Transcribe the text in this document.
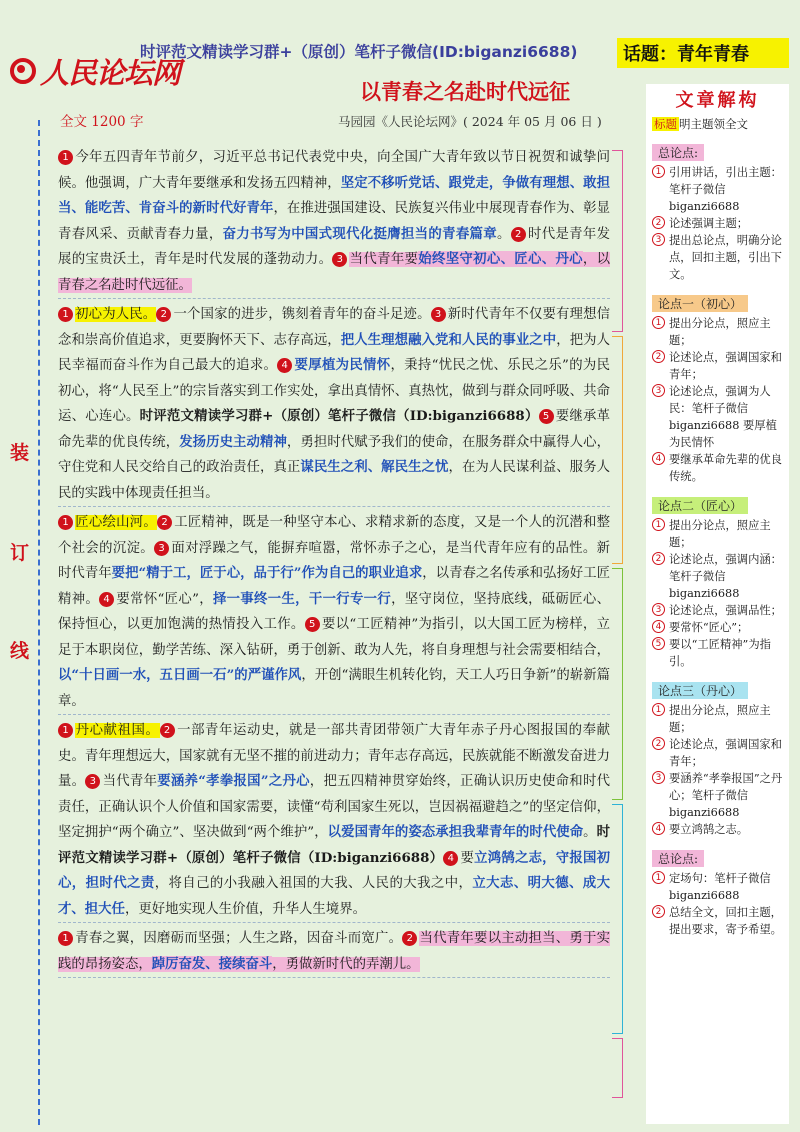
人民论坛网
时评范文精读学习群+（原创）笔杆子微信(ID:biganzi6688)	话题：青年青春
以青春之名赴时代远征
全文 1200 字	马园园《人民论坛网》( 2024 年 05 月 06 日 )
装
订
线

1 今年五四青年节前夕，习近平总书记代表党中央，向全国广大青年致以节日祝贺和诚挚问候。他强调，广大青年要继承和发扬五四精神，坚定不移听党话、跟党走，争做有理想、敢担当、能吃苦、肯奋斗的新时代好青年，在推进强国建设、民族复兴伟业中展现青春作为、彰显青春风采、贡献青春力量，奋力书写为中国式现代化挺膺担当的青春篇章。 2 时代是青年发展的宝贵沃土，青年是时代发展的蓬勃动力。 3 当代青年要始终坚守初心、匠心、丹心，以青春之名赴时代远征。

1 初心为人民。 2 一个国家的进步，镌刻着青年的奋斗足迹。 3 新时代青年不仅要有理想信念和崇高价值追求，更要胸怀天下、志存高远，把人生理想融入党和人民的事业之中，把为人民幸福而奋斗作为自己最大的追求。 4 要厚植为民情怀，秉持“忧民之忧、乐民之乐”的为民初心，将“人民至上”的宗旨落实到工作实处，拿出真情怀、真热忱，做到与群众同呼吸、共命运、心连心。时评范文精读学习群+（原创）笔杆子微信（ID:biganzi6688） 5 要继承革命先辈的优良传统，发扬历史主动精神，勇担时代赋予我们的使命，在服务群众中赢得人心，守住党和人民交给自己的政治责任，真正谋民生之利、解民生之忧，在为人民谋利益、服务人民的实践中体现责任担当。

1 匠心绘山河。 2 工匠精神，既是一种坚守本心、求精求新的态度，又是一个人的沉潜和整个社会的沉淀。 3 面对浮躁之气，能摒弃喧嚣，常怀赤子之心，是当代青年应有的品性。新时代青年要把“精于工，匠于心，品于行”作为自己的职业追求，以青春之名传承和弘扬好工匠精神。 4 要常怀“匠心”，择一事终一生，干一行专一行，坚守岗位，坚持底线，砥砺匠心、保持恒心，以更加饱满的热情投入工作。 5 要以“工匠精神”为指引，以大国工匠为榜样，立足于本职岗位，勤学苦练、深入钻研，勇于创新、敢为人先，将自身理想与社会需要相结合，以“十日画一水，五日画一石”的严谨作风，开创“满眼生机转化钧，天工人巧日争新”的崭新篇章。

1 丹心献祖国。 2 一部青年运动史，就是一部共青团带领广大青年赤子丹心图报国的奉献史。青年理想远大，国家就有无坚不摧的前进动力；青年志存高远，民族就能不断激发奋进力量。 3 当代青年要涵养“孝拳报国”之丹心，把五四精神贯穿始终，正确认识历史使命和时代责任，正确认识个人价值和国家需要，读懂“苟利国家生死以，岂因祸福避趋之”的坚定信仰，坚定拥护“两个确立”、坚决做到“两个维护”，以爱国青年的姿态承担我辈青年的时代使命。时评范文精读学习群+（原创）笔杆子微信（ID:biganzi6688） 4 要立鸿鹄之志，守报国初心，担时代之责，将自己的小我融入祖国的大我、人民的大我之中，立大志、明大德、成大才、担大任，更好地实现人生价值，升华人生境界。

1 青春之翼，因磨砺而坚强；人生之路，因奋斗而宽广。 2 当代青年要以主动担当、勇于实践的昂扬姿态，踔厉奋发、接续奋斗，勇做新时代的弄潮儿。

文章解构
标题 明主题领全文
总论点:
1 引用讲话，引出主题：笔杆子微信 biganzi6688
2 论述强调主题；
3 提出总论点，明确分论点，回扣主题，引出下文。
论点一（初心）
1 提出分论点，照应主题；
2 论述论点，强调国家和青年；
3 论述论点，强调为人民：笔杆子微信 biganzi6688 要厚植为民情怀
4 要继承革命先辈的优良传统。
论点二（匠心）
1 提出分论点，照应主题；
2 论述论点，强调内涵：笔杆子微信 biganzi6688
3 论述论点，强调品性；
4 要常怀“匠心”；
5 要以“工匠精神”为指引。
论点三（丹心）
1 提出分论点，照应主题；
2 论述论点，强调国家和青年；
3 要涵养“孝拳报国”之丹心；笔杆子微信 biganzi6688
4 要立鸿鹄之志。
总论点:
1 定场句：笔杆子微信 biganzi6688
2 总结全文，回扣主题，提出要求，寄予希望。
